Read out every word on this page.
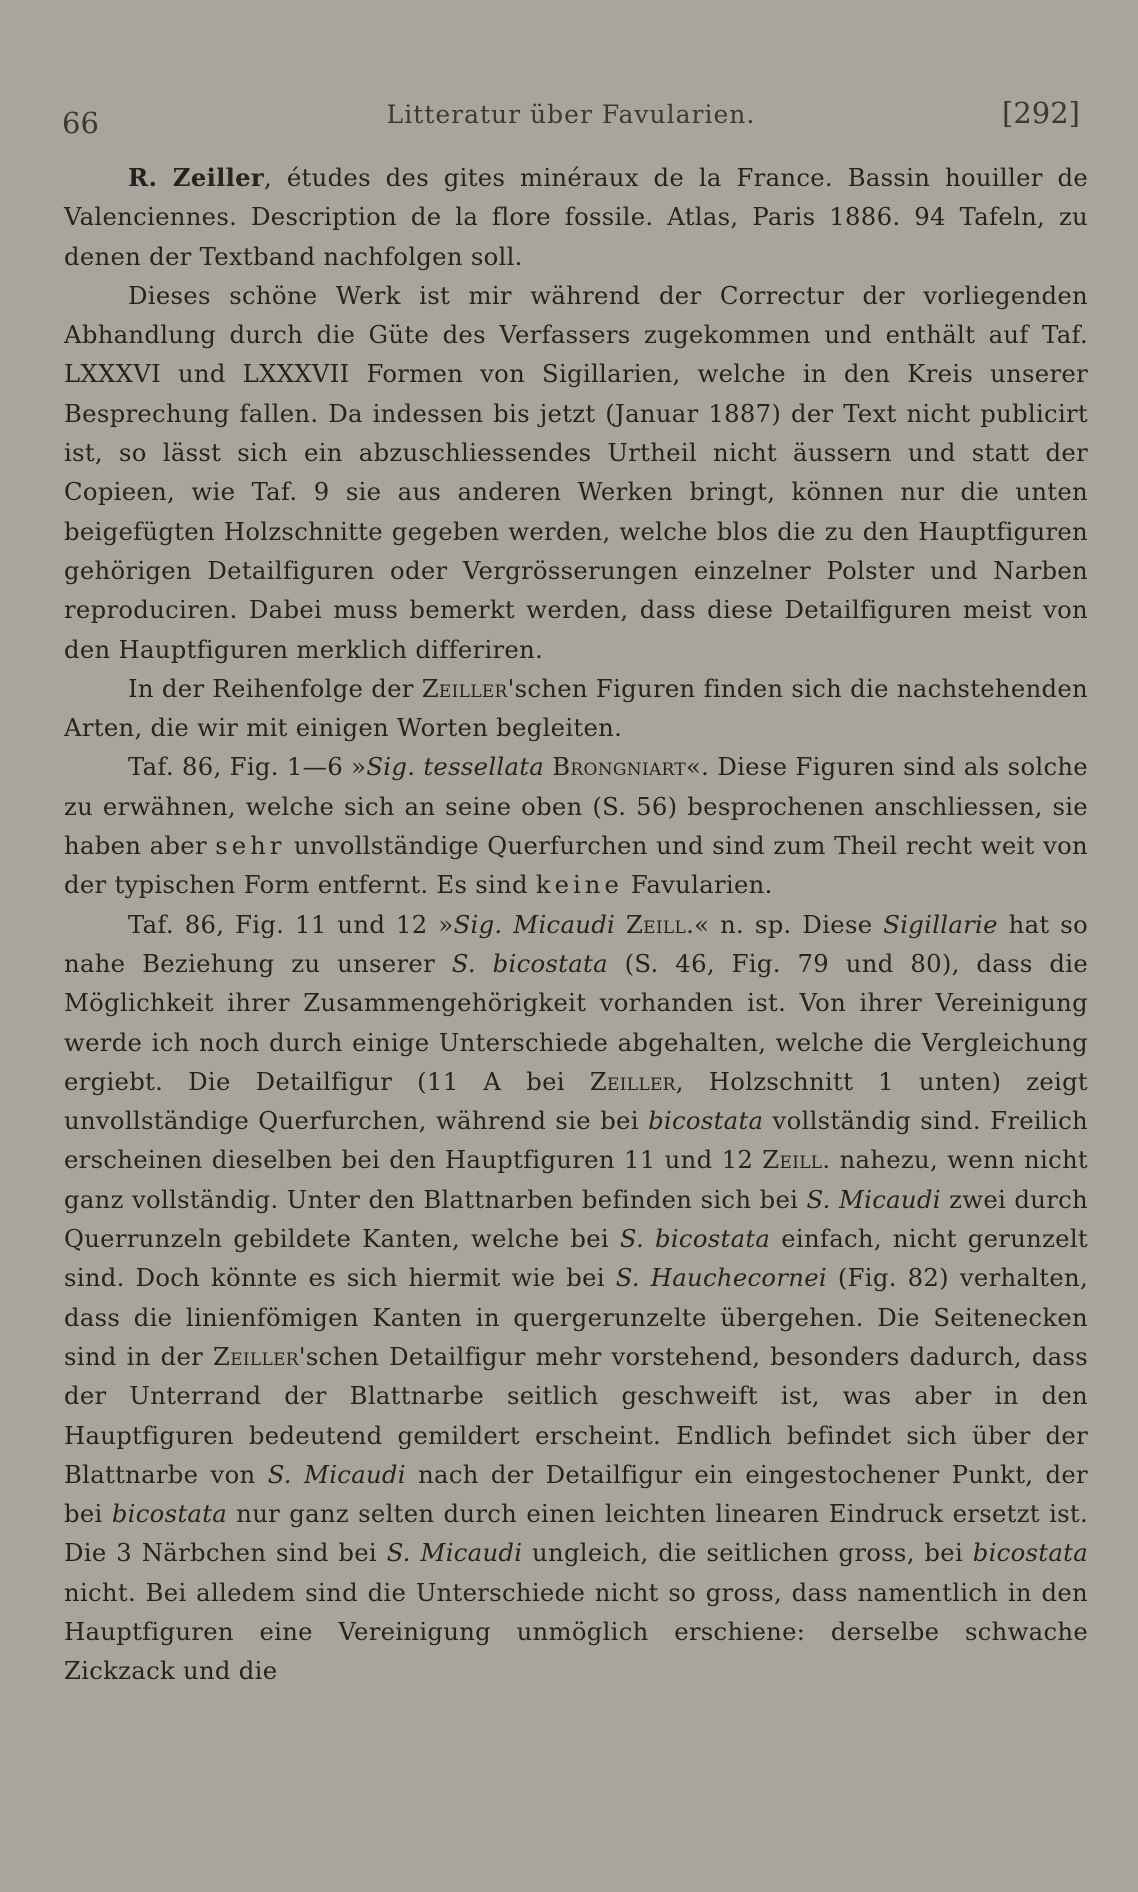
66	Litteratur über Favularien.	[292]

R. Zeiller, études des gites minéraux de la France. Bassin houiller de Valenciennes. Description de la flore fossile. Atlas, Paris 1886. 94 Tafeln, zu denen der Textband nachfolgen soll.

Dieses schöne Werk ist mir während der Correctur der vorliegenden Abhandlung durch die Güte des Verfassers zugekommen und enthält auf Taf. LXXXVI und LXXXVII Formen von Sigillarien, welche in den Kreis unserer Besprechung fallen. Da indessen bis jetzt (Januar 1887) der Text nicht publicirt ist, so lässt sich ein abzuschliessendes Urtheil nicht äussern und statt der Copieen, wie Taf. 9 sie aus anderen Werken bringt, können nur die unten beigefügten Holzschnitte gegeben werden, welche blos die zu den Hauptfiguren gehörigen Detailfiguren oder Vergrösserungen einzelner Polster und Narben reproduciren. Dabei muss bemerkt werden, dass diese Detailfiguren meist von den Hauptfiguren merklich differiren.

In der Reihenfolge der Zeiller'schen Figuren finden sich die nachstehenden Arten, die wir mit einigen Worten begleiten.

Taf. 86, Fig. 1—6 »Sig. tessellata Brongniart«. Diese Figuren sind als solche zu erwähnen, welche sich an seine oben (S. 56) besprochenen anschliessen, sie haben aber sehr unvollständige Querfurchen und sind zum Theil recht weit von der typischen Form entfernt. Es sind keine Favularien.

Taf. 86, Fig. 11 und 12 »Sig. Micaudi Zeill.« n. sp. Diese Sigillarie hat so nahe Beziehung zu unserer S. bicostata (S. 46, Fig. 79 und 80), dass die Möglichkeit ihrer Zusammengehörigkeit vorhanden ist. Von ihrer Vereinigung werde ich noch durch einige Unterschiede abgehalten, welche die Vergleichung ergiebt. Die Detailfigur (11 A bei Zeiller, Holzschnitt 1 unten) zeigt unvollständige Querfurchen, während sie bei bicostata vollständig sind. Freilich erscheinen dieselben bei den Hauptfiguren 11 und 12 Zeill. nahezu, wenn nicht ganz vollständig. Unter den Blattnarben befinden sich bei S. Micaudi zwei durch Querrunzeln gebildete Kanten, welche bei S. bicostata einfach, nicht gerunzelt sind. Doch könnte es sich hiermit wie bei S. Hauchecornei (Fig. 82) verhalten, dass die linienfömigen Kanten in quergerunzelte übergehen. Die Seitenecken sind in der Zeiller'schen Detailfigur mehr vorstehend, besonders dadurch, dass der Unterrand der Blattnarbe seitlich geschweift ist, was aber in den Hauptfiguren bedeutend gemildert erscheint. Endlich befindet sich über der Blattnarbe von S. Micaudi nach der Detailfigur ein eingestochener Punkt, der bei bicostata nur ganz selten durch einen leichten linearen Eindruck ersetzt ist. Die 3 Närbchen sind bei S. Micaudi ungleich, die seitlichen gross, bei bicostata nicht. Bei alledem sind die Unterschiede nicht so gross, dass namentlich in den Hauptfiguren eine Vereinigung unmöglich erschiene: derselbe schwache Zickzack und die
